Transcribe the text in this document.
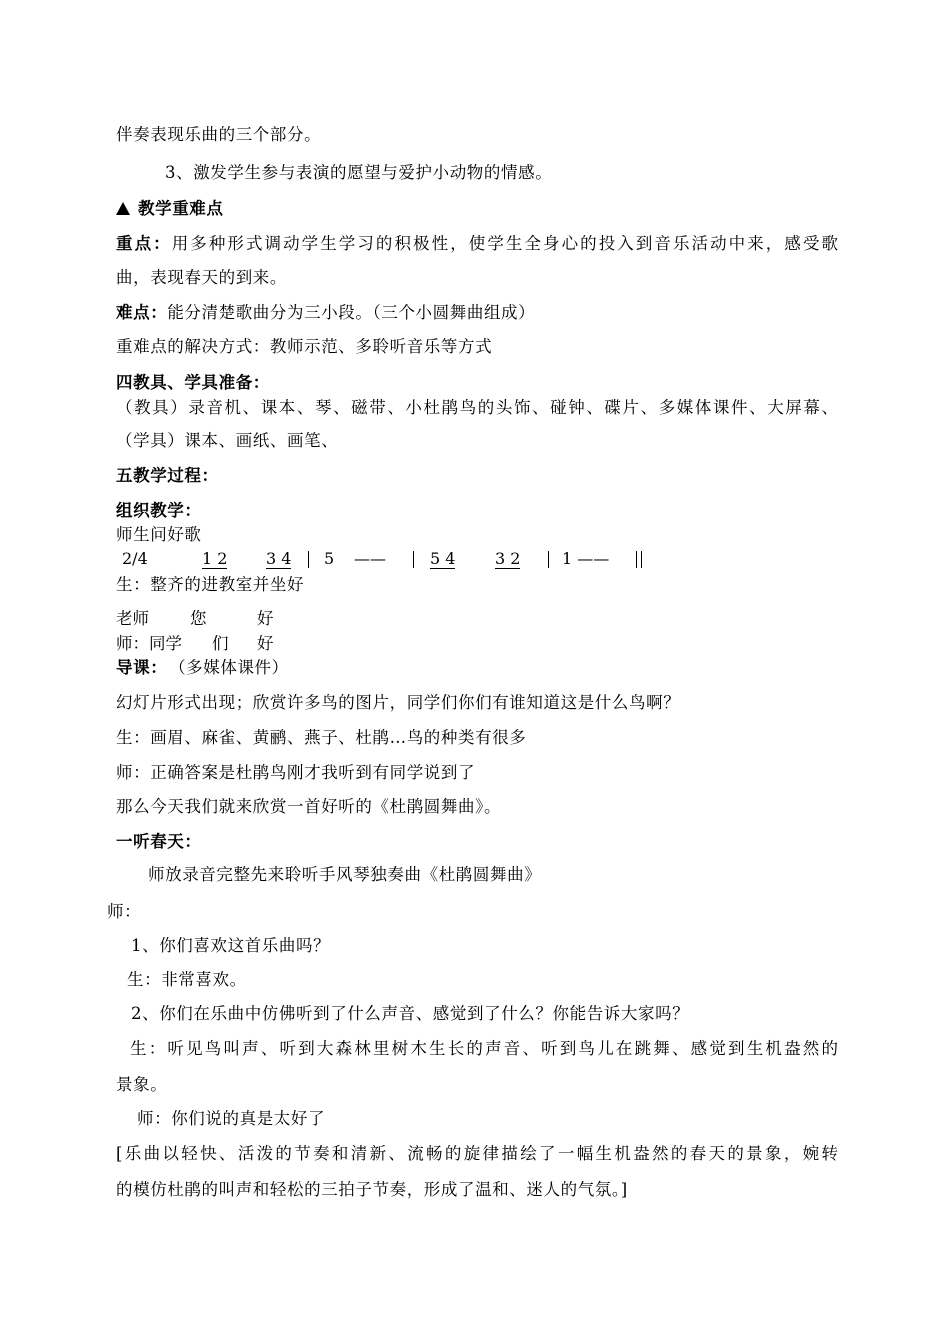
伴奏表现乐曲的三个部分。
3、激发学生参与表演的愿望与爱护小动物的情感。
教学重难点
重点：用多种形式调动学生学习的积极性，使学生全身心的投入到音乐活动中来，感受歌
曲，表现春天的到来。
难点：能分清楚歌曲分为三小段。（三个小圆舞曲组成）
重难点的解决方式：教师示范、多聆听音乐等方式
四教具、学具准备：
（教具）录音机、课本、琴、磁带、小杜鹃鸟的头饰、碰钟、碟片、多媒体课件、大屏幕、
（学具）课本、画纸、画笔、
五教学过程：
组织教学：
师生问好歌
2/4	1 2 3 4 5 ——	5 4 3 2	1 ——
生：整齐的进教室并坐好
老师 您	好
师：同学 们 好
导课： （多媒体课件）
幻灯片形式出现；欣赏许多鸟的图片，同学们你们有谁知道这是什么鸟啊？
生：画眉、麻雀、黄鹂、燕子、杜鹃…鸟的种类有很多
师：正确答案是杜鹃鸟刚才我听到有同学说到了
那么今天我们就来欣赏一首好听的《杜鹃圆舞曲》。
一听春天：
师放录音完整先来聆听手风琴独奏曲《杜鹃圆舞曲》
师：
1、你们喜欢这首乐曲吗？
生：非常喜欢。
2、你们在乐曲中仿佛听到了什么声音、感觉到了什么？你能告诉大家吗？
生：听见鸟叫声、听到大森林里树木生长的声音、听到鸟儿在跳舞、感觉到生机盎然的
景象。
师：你们说的真是太好了
[乐曲以轻快、活泼的节奏和清新、流畅的旋律描绘了一幅生机盎然的春天的景象，婉转
的模仿杜鹃的叫声和轻松的三拍子节奏，形成了温和、迷人的气氛。]
